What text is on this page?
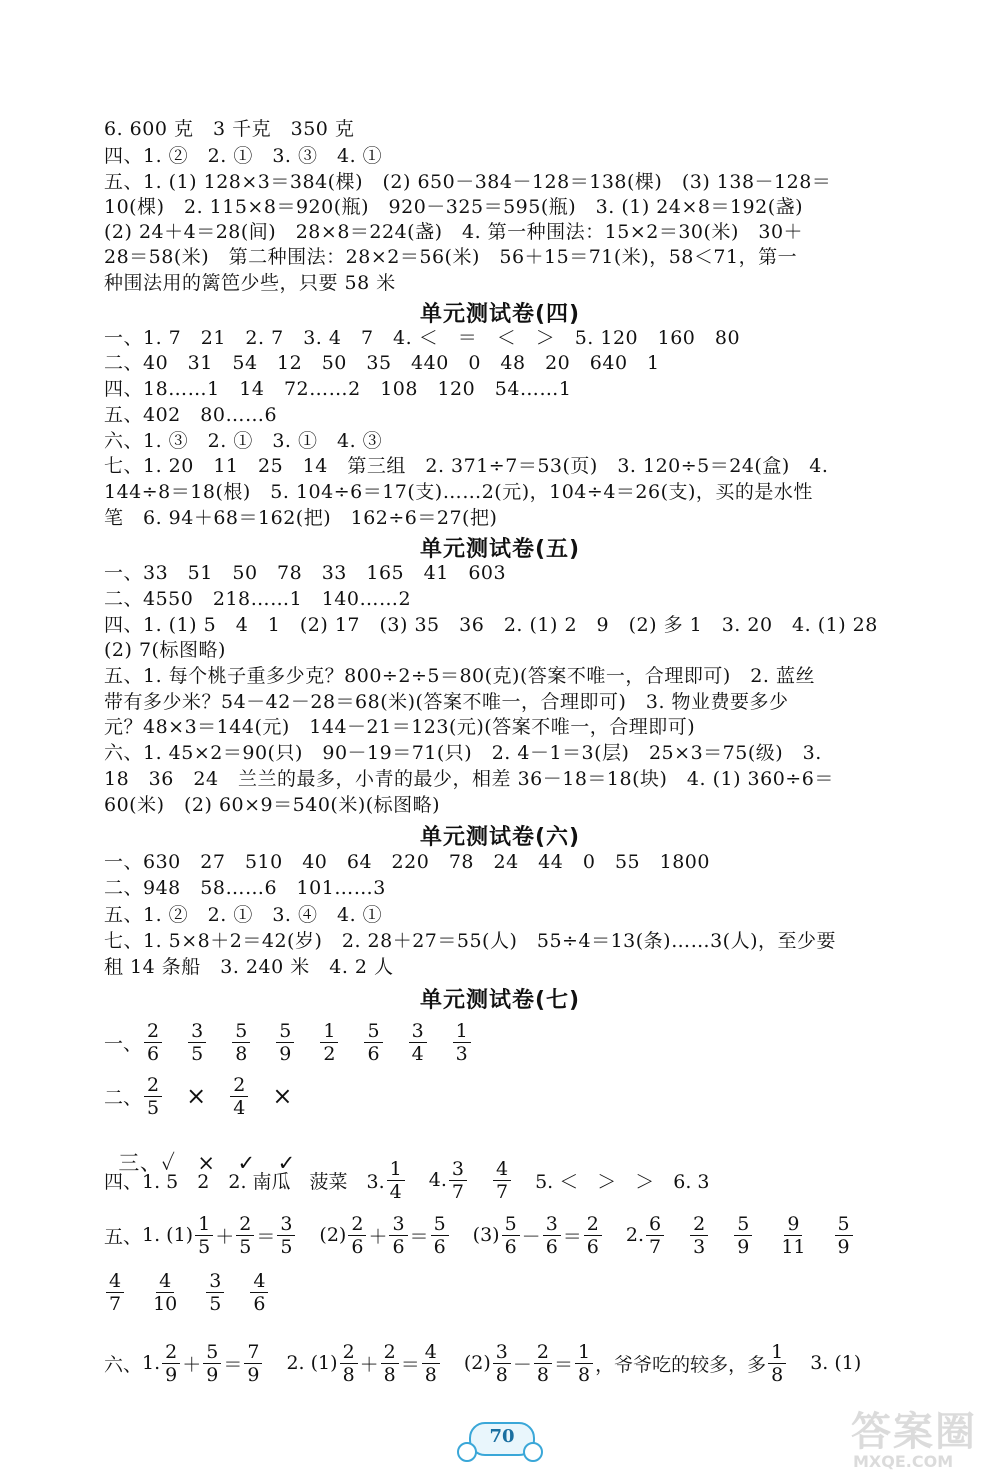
6. 600 克　3 千克　350 克
四、1. ②　2. ①　3. ③　4. ①
五、1. (1) 128×3＝384(棵)　(2) 650－384－128＝138(棵)　(3) 138－128＝
10(棵)　2. 115×8＝920(瓶)　920－325＝595(瓶)　3. (1) 24×8＝192(盏)
(2) 24＋4＝28(间)　28×8＝224(盏)　4. 第一种围法：15×2＝30(米)　30＋
28＝58(米)　第二种围法：28×2＝56(米)　56＋15＝71(米)，58＜71，第一
种围法用的篱笆少些，只要 58 米
单元测试卷(四)
一、1. 7　21　2. 7　3. 4　7　4. ＜　＝　＜　＞　5. 120　160　80
二、40　31　54　12　50　35　440　0　48　20　640　1
四、18……1　14　72……2　108　120　54……1
五、402　80……6
六、1. ③　2. ①　3. ①　4. ③
七、1. 20　11　25　14　第三组　2. 371÷7＝53(页)　3. 120÷5＝24(盒)　4.
144÷8＝18(根)　5. 104÷6＝17(支)……2(元)，104÷4＝26(支)，买的是水性
笔　6. 94＋68＝162(把)　162÷6＝27(把)
单元测试卷(五)
一、33　51　50　78　33　165　41　603
二、4550　218……1　140……2
四、1. (1) 5　4　1　(2) 17　(3) 35　36　2. (1) 2　9　(2) 多 1　3. 20　4. (1) 28
(2) 7(标图略)
五、1. 每个桃子重多少克？800÷2÷5＝80(克)(答案不唯一，合理即可)　2. 蓝丝
带有多少米？54－42－28＝68(米)(答案不唯一，合理即可)　3. 物业费要多少
元？48×3＝144(元)　144－21＝123(元)(答案不唯一，合理即可)
六、1. 45×2＝90(只)　90－19＝71(只)　2. 4－1＝3(层)　25×3＝75(级)　3.
18　36　24　兰兰的最多，小青的最少，相差 36－18＝18(块)　4. (1) 360÷6＝
60(米)　(2) 60×9＝540(米)(标图略)
单元测试卷(六)
一、630　27　510　40　64　220　78　24　44　0　55　1800
二、948　58……6　101……3
五、1. ②　2. ①　3. ④　4. ①
七、1. 5×8＋2＝42(岁)　2. 28＋27＝55(人)　55÷4＝13(条)……3(人)，至少要
租 14 条船　3. 240 米　4. 2 人
单元测试卷(七)
一、 $\frac{2}{6} \frac{3}{5} \frac{5}{8} \frac{5}{9} \frac{1}{2} \frac{5}{6} \frac{3}{4} \frac{1}{3}$
二、 $\frac{2}{5} \times \frac{2}{4}$ ×

三、✓ × ✓ ✓

四、 1. 5　2　2. 南瓜　菠菜　3. $\frac{1}{4} 4$. $\frac{3}{7} \frac{4}{7} 5$. ＜　＞　＞　6. 3
五、 1. $(1) \frac{1}{5} + \frac{2}{5} = \frac{3}{5} (2) \frac{2}{6} + \frac{3}{6} = \frac{5}{6} (3) \frac{5}{6} - \frac{3}{6} = \frac{2}{6} 2$. $\frac{6}{7} \frac{2}{3} \frac{5}{9} \frac{9}{11} \frac{5}{9}$
$\frac{4}{7} \frac{4}{10} \frac{3}{5} \frac{4}{6}$
六、 1. $\frac{2}{9} + \frac{5}{9} = \frac{7}{9} 2$. $(1) \frac{2}{8} + \frac{2}{8} = \frac{4}{8} (2) \frac{3}{8} - \frac{2}{8} = \frac{1}{8}$ ，爷爷吃的较多，多 $\frac{1}{8} 3$. (1)
70	答案圈
MXQE.COM
